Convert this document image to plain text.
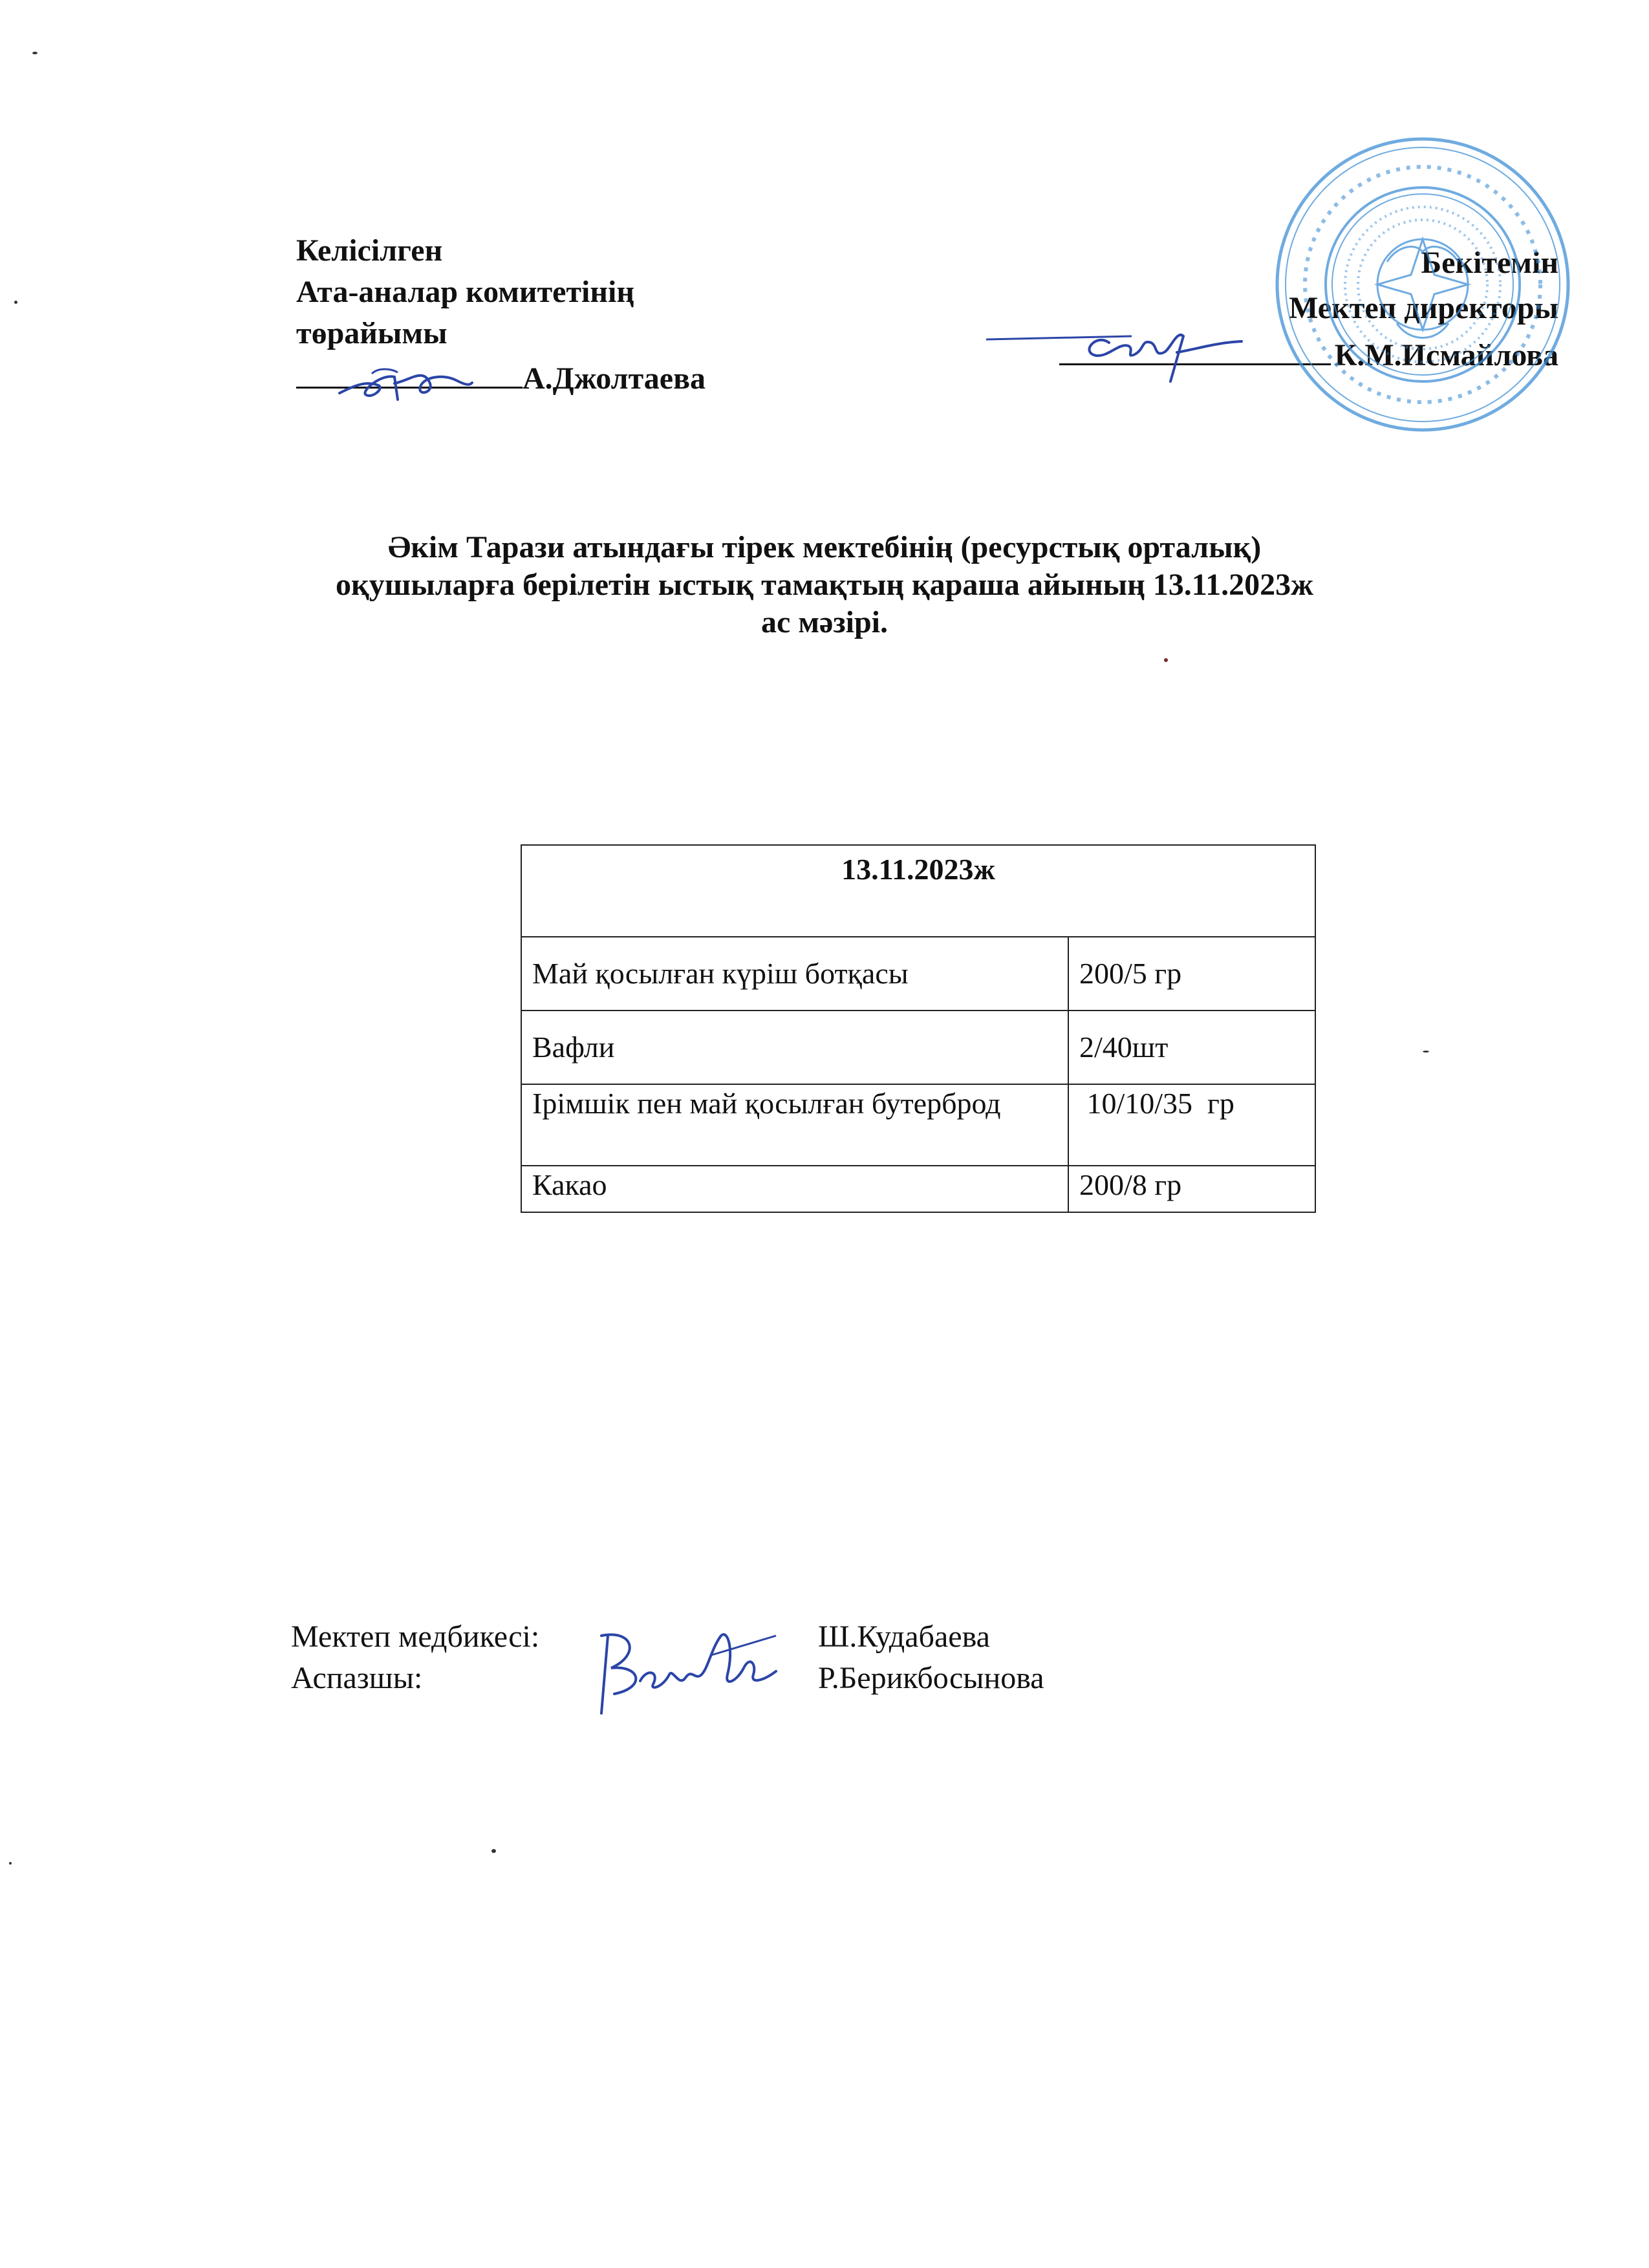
Келісілген
Ата-аналар комитетінің
төрайымы
А.Джолтаева
Бекітемін
Мектеп директоры
К.М.Исмайлова
Әкім Тарази атындағы тірек мектебінің (ресурстық орталық)
оқушыларға берілетін ыстық тамақтың қараша айының 13.11.2023ж
ас мәзірі.
13.11.2023ж	
Май қосылған күріш ботқасы	200/5 гр
Вафли	2/40шт
Ірімшік пен май қосылған бутерброд	10/10/35  гр
Какао	200/8 гр
Мектеп медбикесі:	Ш.Кудабаева
Аспазшы:	Р.Берикбосынова
